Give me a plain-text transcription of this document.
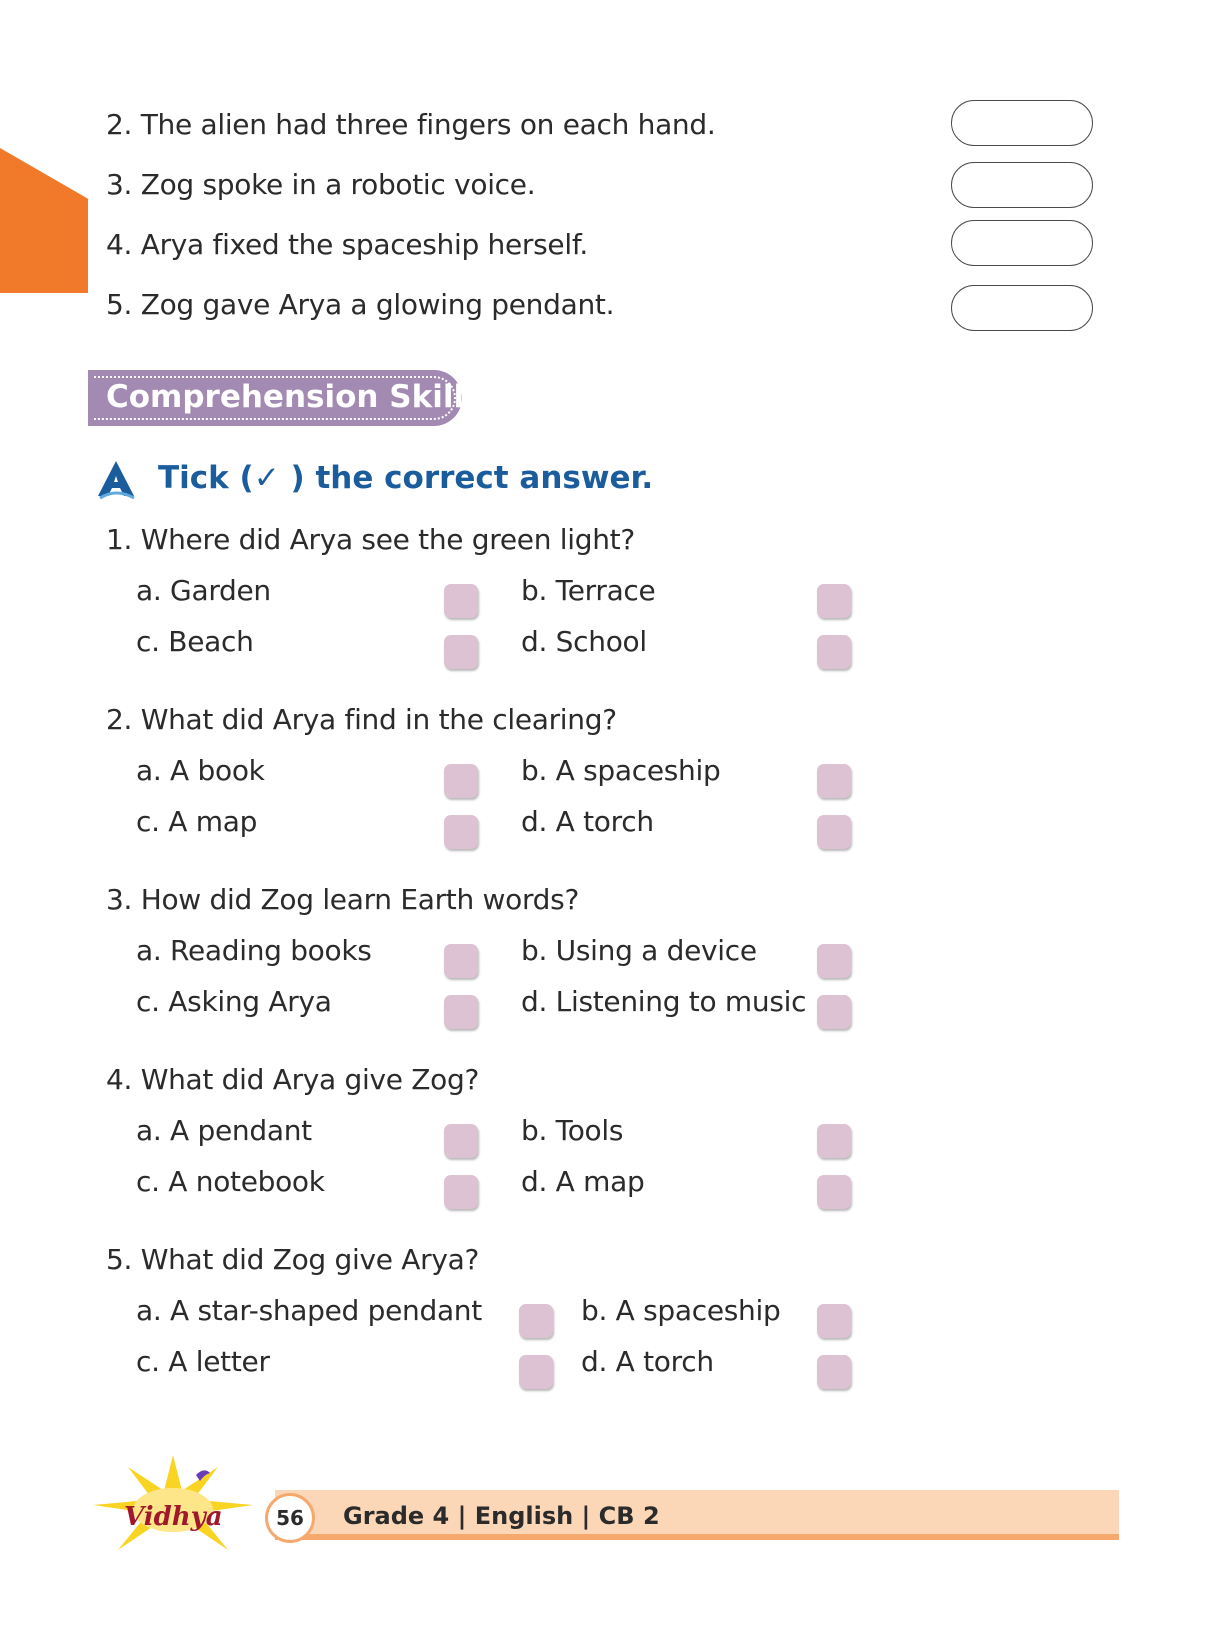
2. The alien had three fingers on each hand.
3. Zog spoke in a robotic voice.
4. Arya fixed the spaceship herself.
5. Zog gave Arya a glowing pendant.
Comprehension Skills
Tick (✓ ) the correct answer.
1. Where did Arya see the green light?
a. Garden	b. Terrace
c. Beach	d. School
2. What did Arya find in the clearing?
a. A book	b. A spaceship
c. A map	d. A torch
3. How did Zog learn Earth words?
a. Reading books	b. Using a device
c. Asking Arya	d. Listening to music
4. What did Arya give Zog?
a. A pendant	b. Tools
c. A notebook	d. A map
5. What did Zog give Arya?
a. A star-shaped pendant	b. A spaceship
c. A letter	d. A torch
Vidhya	56	Grade 4 | English | CB 2
